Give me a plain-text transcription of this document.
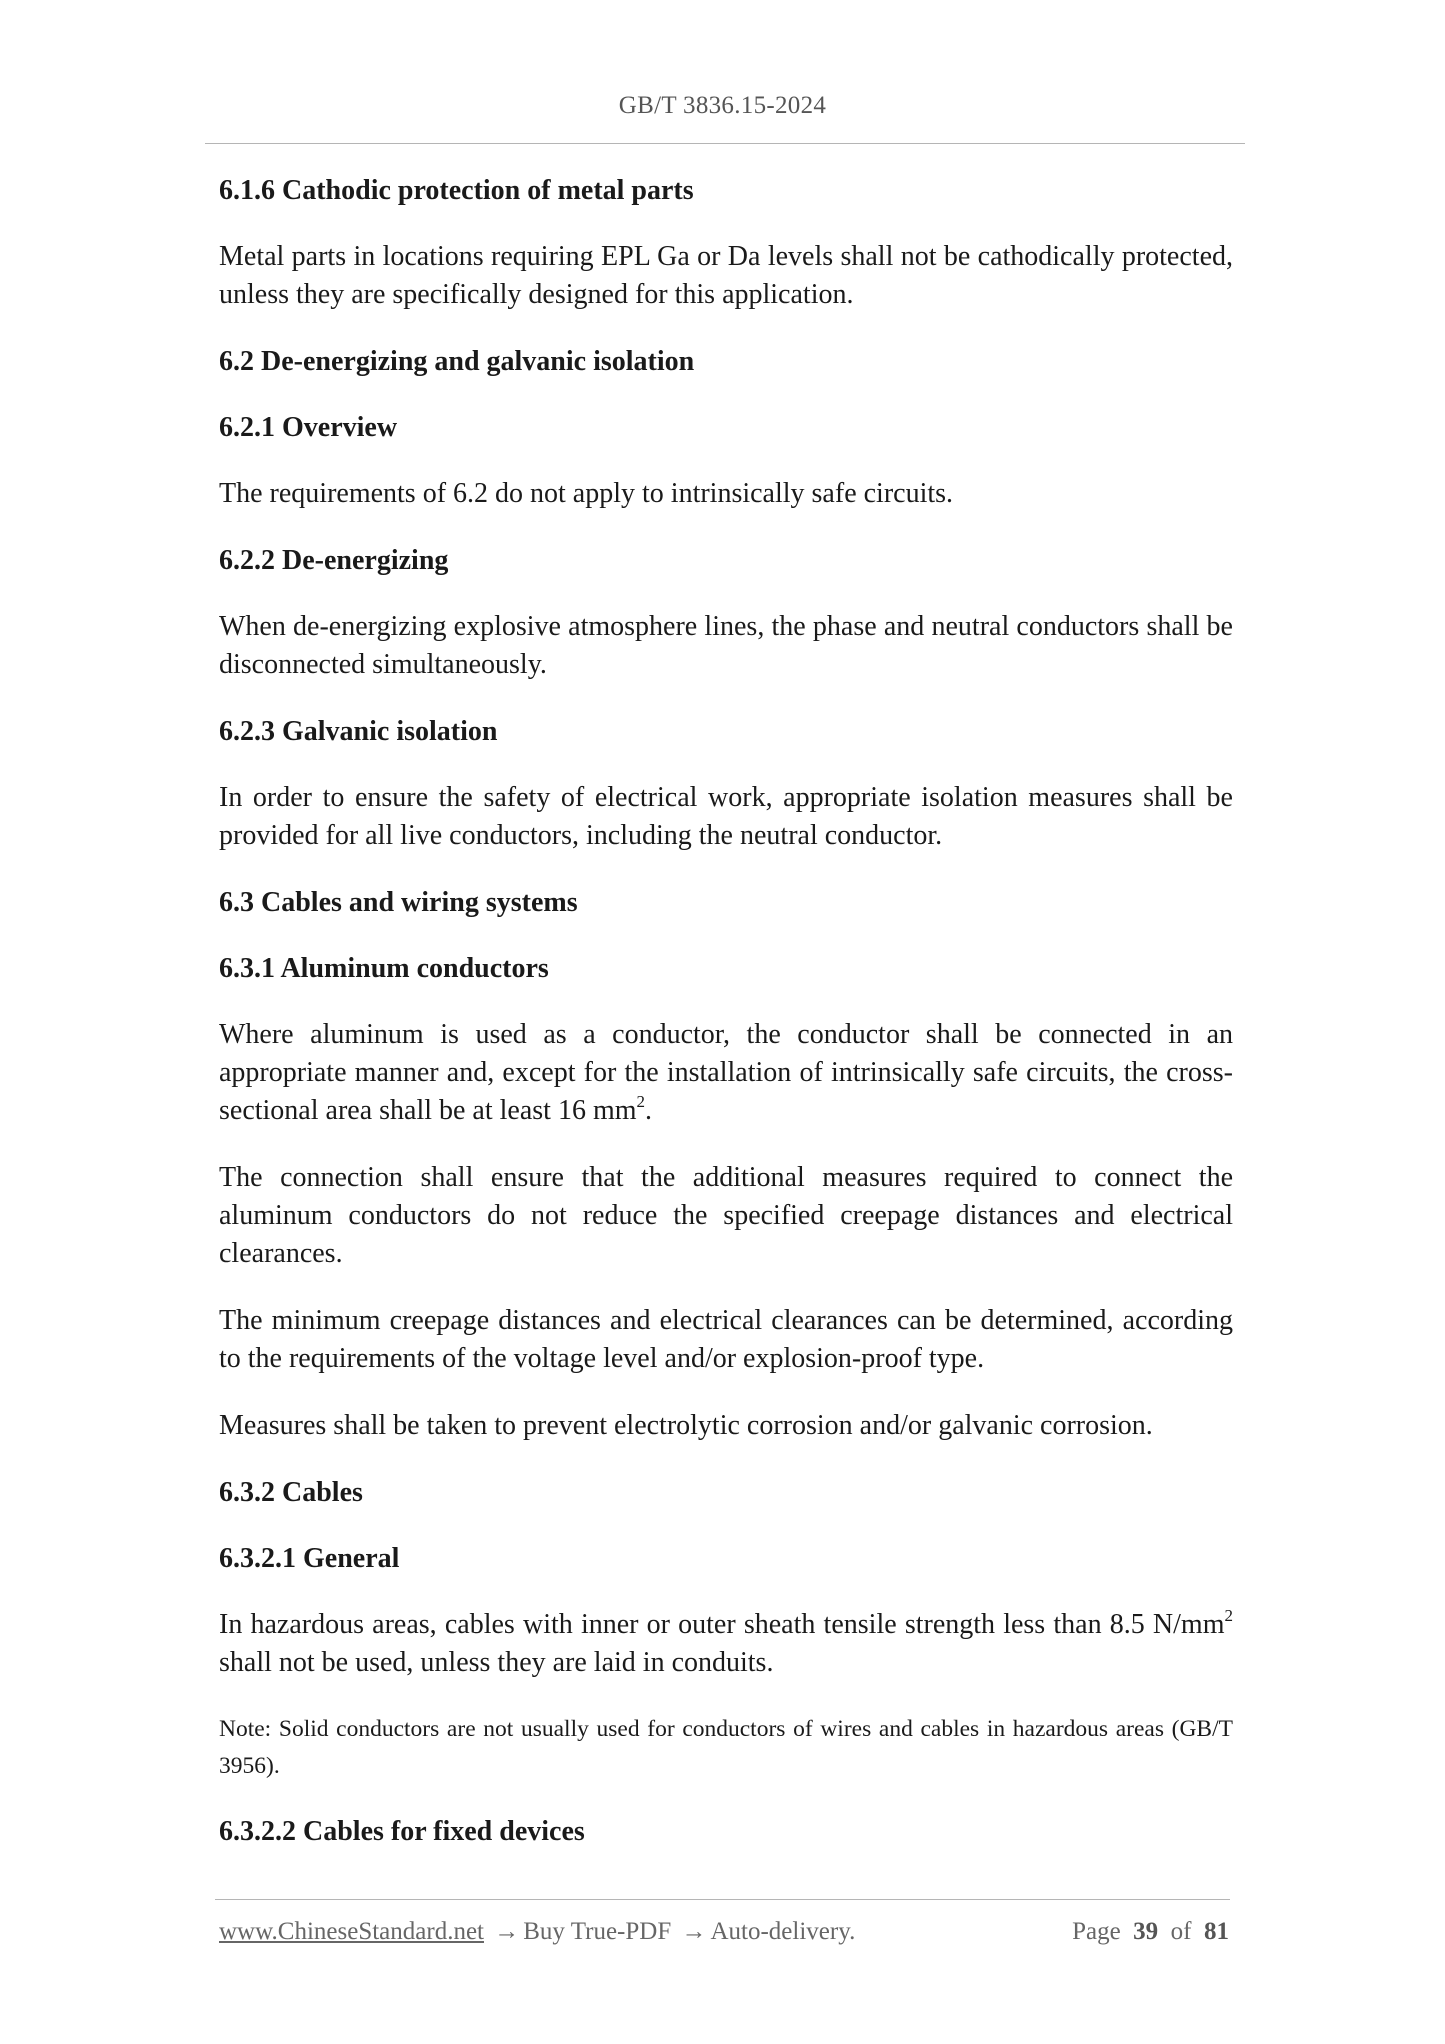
GB/T 3836.15-2024
6.1.6 Cathodic protection of metal parts
Metal parts in locations requiring EPL Ga or Da levels shall not be cathodically protected, unless they are specifically designed for this application.
6.2 De-energizing and galvanic isolation
6.2.1 Overview
The requirements of 6.2 do not apply to intrinsically safe circuits.
6.2.2 De-energizing
When de-energizing explosive atmosphere lines, the phase and neutral conductors shall be disconnected simultaneously.
6.2.3 Galvanic isolation
In order to ensure the safety of electrical work, appropriate isolation measures shall be provided for all live conductors, including the neutral conductor.
6.3 Cables and wiring systems
6.3.1 Aluminum conductors
Where aluminum is used as a conductor, the conductor shall be connected in an appropriate manner and, except for the installation of intrinsically safe circuits, the cross-sectional area shall be at least 16 $mm^2$.
The connection shall ensure that the additional measures required to connect the aluminum conductors do not reduce the specified creepage distances and electrical clearances.
The minimum creepage distances and electrical clearances can be determined, according to the requirements of the voltage level and/or explosion-proof type.
Measures shall be taken to prevent electrolytic corrosion and/or galvanic corrosion.
6.3.2 Cables
6.3.2.1 General
In hazardous areas, cables with inner or outer sheath tensile strength less than 8.5 $N/mm^2$ shall not be used, unless they are laid in conduits.
Note: Solid conductors are not usually used for conductors of wires and cables in hazardous areas (GB/T 3956).
6.3.2.2 Cables for fixed devices
www.ChineseStandard.net → Buy True-PDF → Auto-delivery.	Page 39 of 81
